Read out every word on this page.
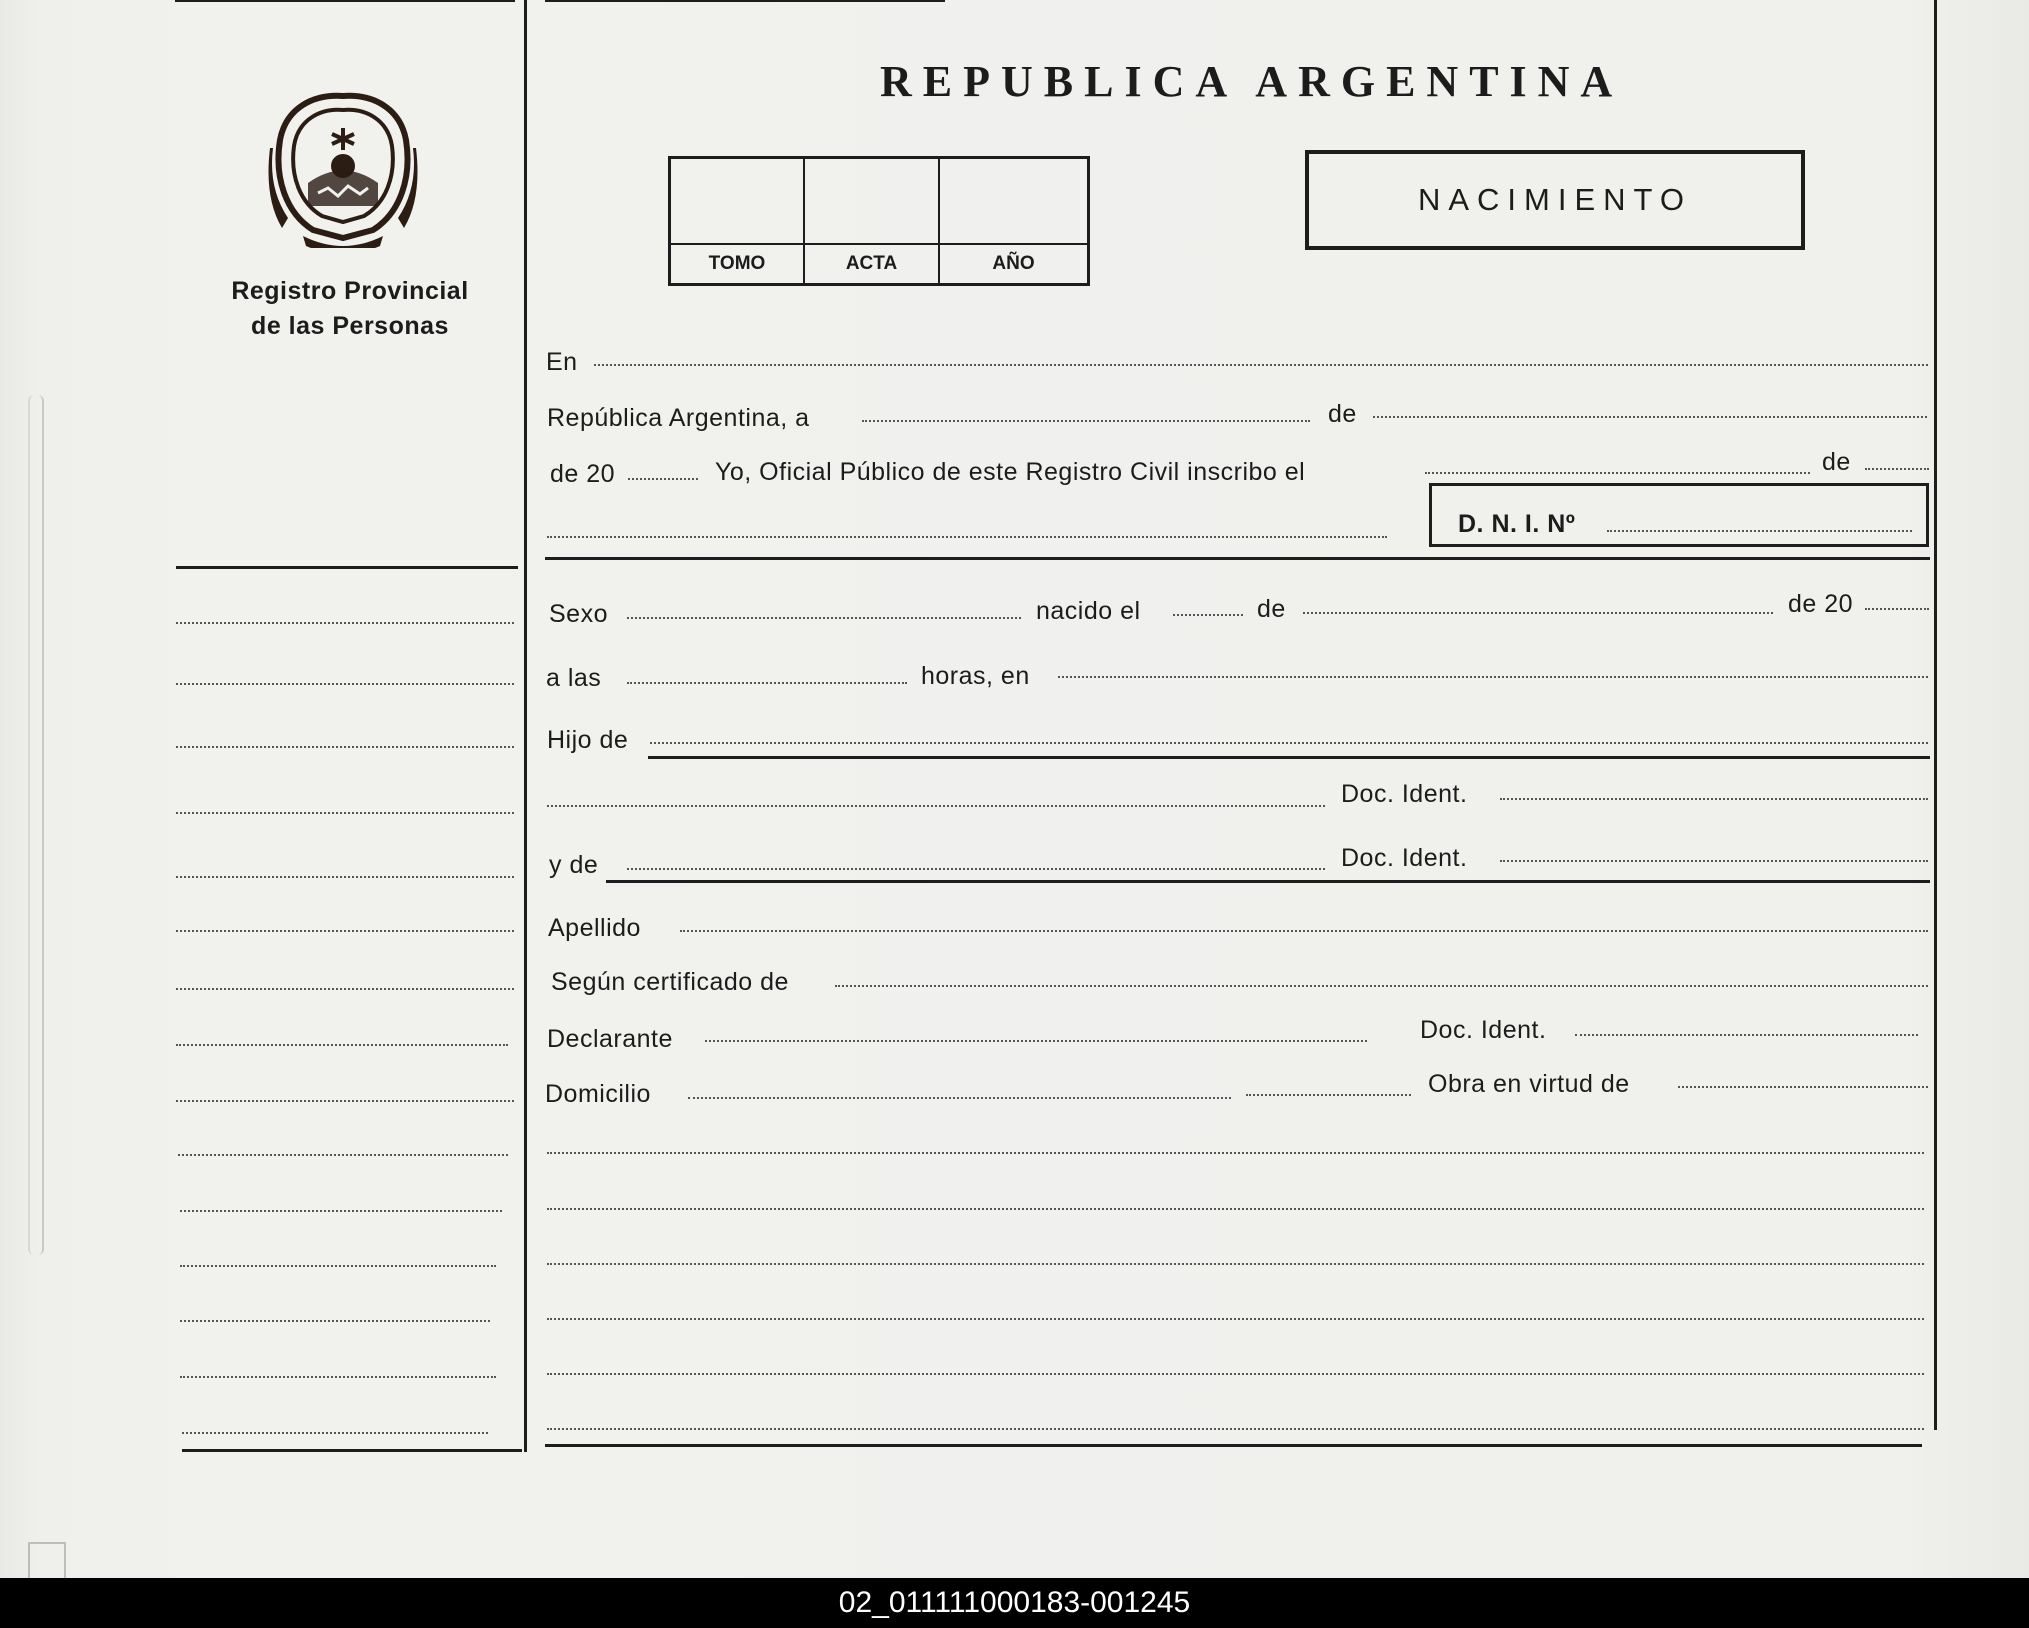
Registro Provincial
de las Personas
REPUBLICA ARGENTINA
TOMO	ACTA	AÑO
NACIMIENTO
En
República Argentina, a	de
de 20	Yo, Oficial Público de este Registro Civil inscribo el	de
D. N. I. Nº
Sexo	nacido el	de	de 20
a las	horas, en
Hijo de
Doc. Ident.
y de	Doc. Ident.
Apellido
Según certificado de
Declarante	Doc. Ident.
Domicilio	Obra en virtud de
02_011111000183-001245
